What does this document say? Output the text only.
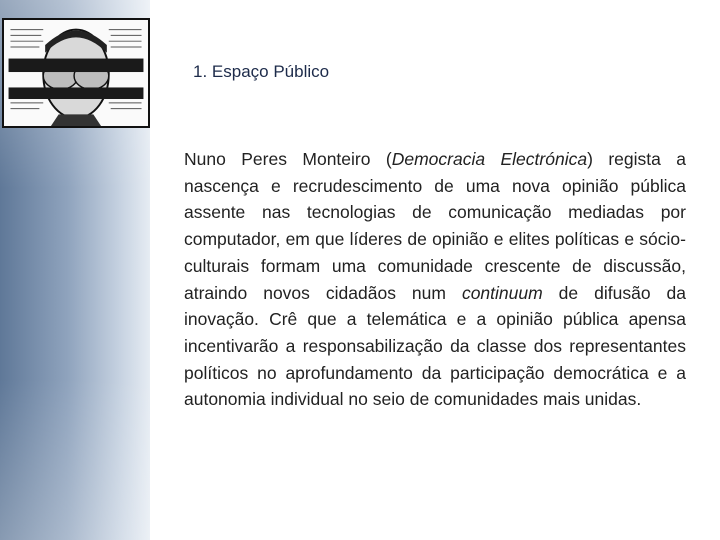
1. Espaço Público

Nuno Peres Monteiro (Democracia Electrónica) regista a nascença e recrudescimento de uma nova opinião pública assente nas tecnologias de comunicação mediadas por computador, em que líderes de opinião e elites políticas e sócio-culturais formam uma comunidade crescente de discussão, atraindo novos cidadãos num continuum de difusão da inovação. Crê que a telemática e a opinião pública apensa incentivarão a responsabilização da classe dos representantes políticos no aprofundamento da participação democrática e a autonomia individual no seio de comunidades mais unidas.
